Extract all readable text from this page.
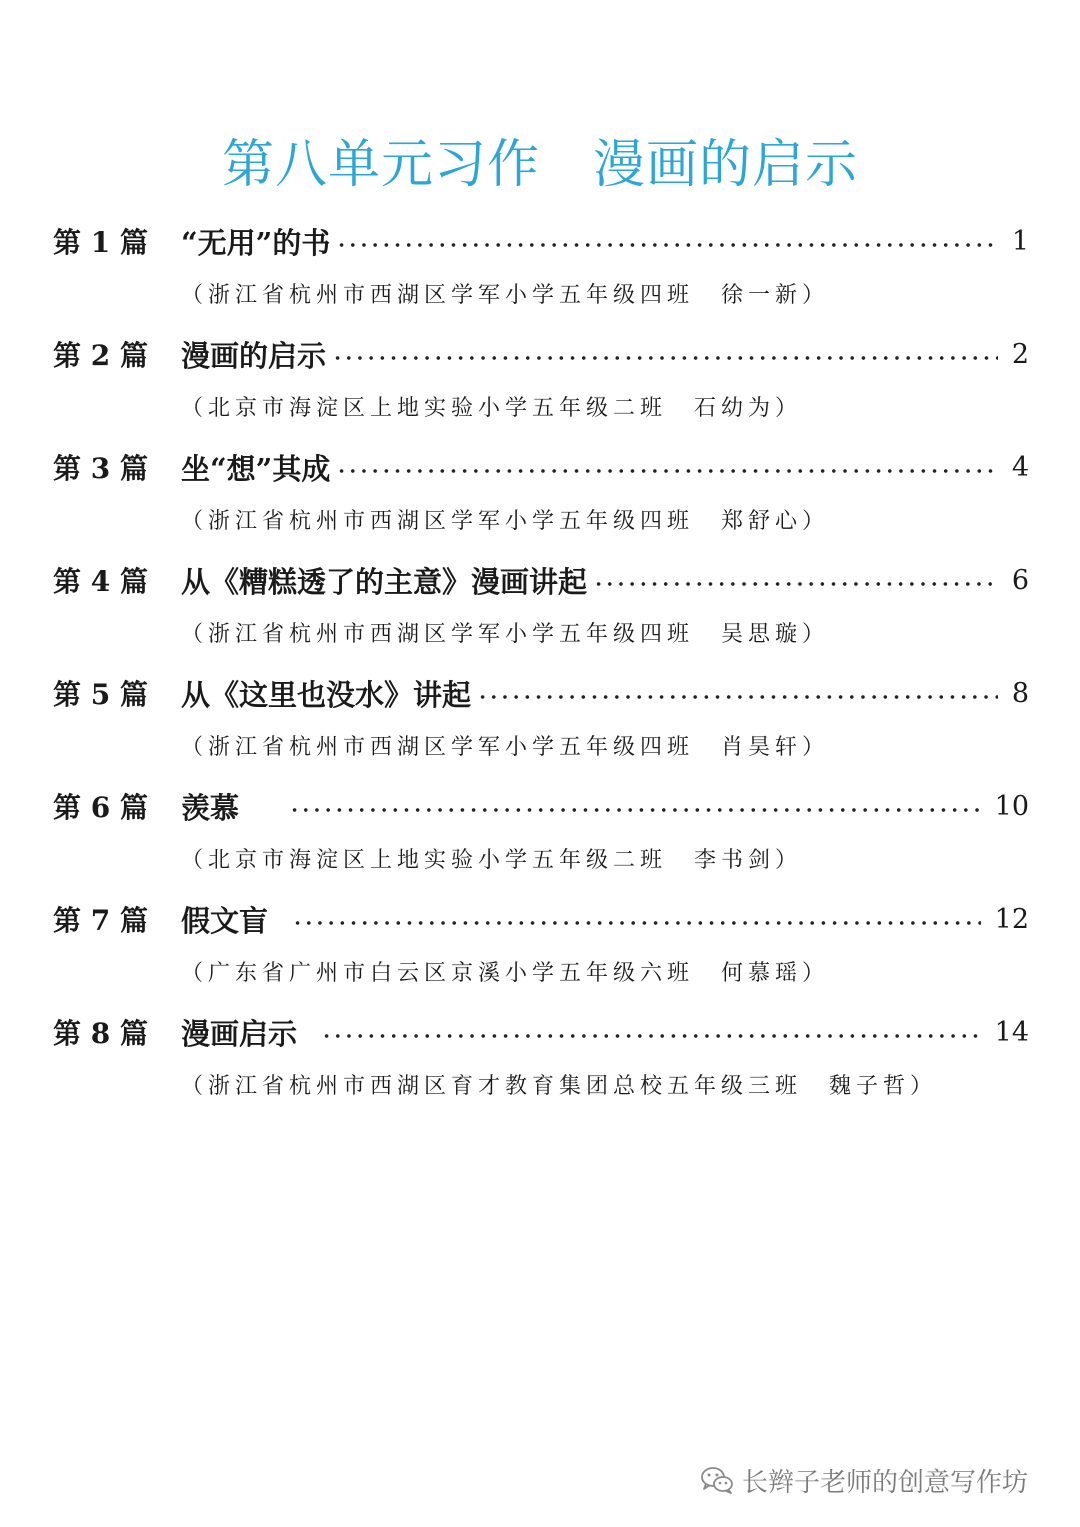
第八单元习作　漫画的启示
第 1 篇	“无用”的书	1
（浙江省杭州市西湖区学军小学五年级四班　徐一新）
第 2 篇	漫画的启示	2
（北京市海淀区上地实验小学五年级二班　石幼为）
第 3 篇	坐“想”其成	4
（浙江省杭州市西湖区学军小学五年级四班　郑舒心）
第 4 篇	从《糟糕透了的主意》漫画讲起	6
（浙江省杭州市西湖区学军小学五年级四班　吴思璇）
第 5 篇	从《这里也没水》讲起	8
（浙江省杭州市西湖区学军小学五年级四班　肖昊轩）
第 6 篇	羡慕	10
（北京市海淀区上地实验小学五年级二班　李书剑）
第 7 篇	假文盲	12
（广东省广州市白云区京溪小学五年级六班　何慕瑶）
第 8 篇	漫画启示	14
（浙江省杭州市西湖区育才教育集团总校五年级三班　魏子哲）
长辫子老师的创意写作坊
